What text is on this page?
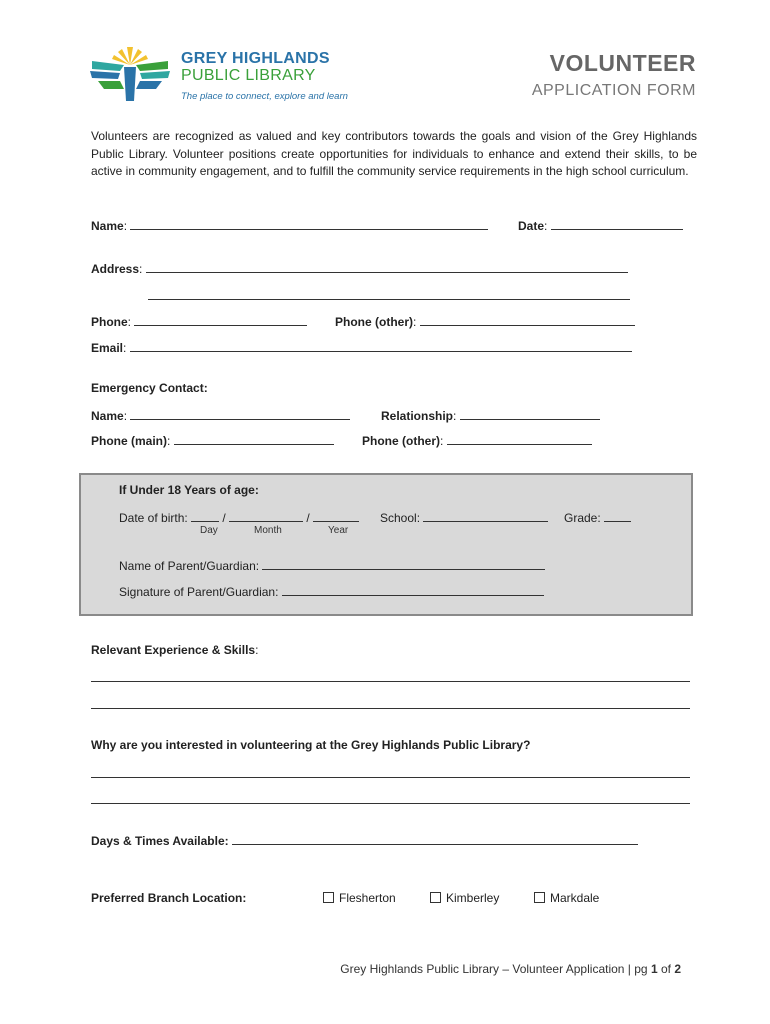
GREY HIGHLANDS
PUBLIC LIBRARY
The place to connect, explore and learn
VOLUNTEER
APPLICATION FORM
Volunteers are recognized as valued and key contributors towards the goals and vision of the Grey Highlands Public Library. Volunteer positions create opportunities for individuals to enhance and extend their skills, to be active in community engagement, and to fulfill the community service requirements in the high school curriculum.
Name:	Date:
Address:
Phone:	Phone (other):
Email:
Emergency Contact:
Name:	Relationship:
Phone (main):	Phone (other):
If Under 18 Years of age:
Date of birth:	/	/
Day	Month	Year
School:	Grade:
Name of Parent/Guardian:
Signature of Parent/Guardian:
Relevant Experience & Skills:
Why are you interested in volunteering at the Grey Highlands Public Library?
Days & Times Available:
Preferred Branch Location:	Flesherton	Kimberley	Markdale
Grey Highlands Public Library – Volunteer Application | pg 1 of 2
